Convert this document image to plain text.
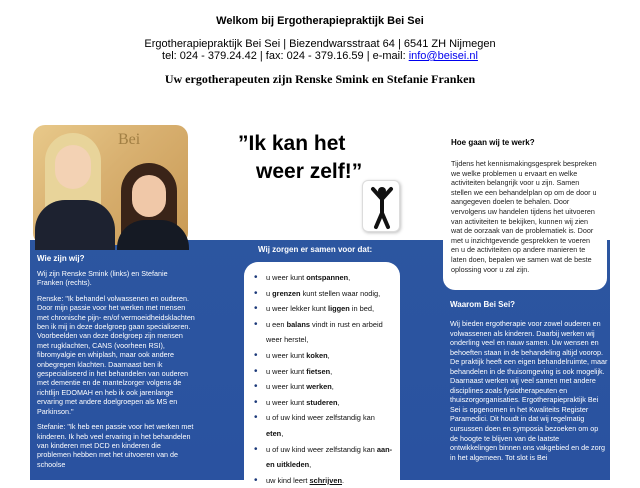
Welkom bij Ergotherapiepraktijk Bei Sei
Ergotherapiepraktijk Bei Sei | Biezendwarsstraat 64 | 6541 ZH Nijmegen
tel: 024 - 379.24.42 | fax: 024 - 379.16.59 | e-mail: info@beisei.nl
Uw ergotherapeuten zijn Renske Smink en Stefanie Franken
Bei	”Ik kan het
weer zelf!”
Wij zorgen er samen voor dat:
• u weer kunt ontspannen,
• u grenzen kunt stellen waar nodig,
• u weer lekker kunt liggen in bed,
• u een balans vindt in rust en arbeid weer herstel,
• u weer kunt koken,
• u weer kunt fietsen,
• u weer kunt werken,
• u weer kunt studeren,
• u of uw kind weer zelfstandig kan eten,
• u of uw kind weer zelfstandig kan aan- en uitkleden,
• uw kind leert schrijven.
Hoe gaan wij te werk?
Tijdens het kennismakingsgesprek bespreken we welke problemen u ervaart en welke activiteiten belangrijk voor u zijn. Samen stellen we een behandelplan op om de door u aangegeven doelen te behalen. Door vervolgens uw handelen tijdens het uitvoeren van activiteiten te bekijken, kunnen wij zien wat de oorzaak van de problematiek is. Door met u inzichtgevende gesprekken te voeren en u de activiteiten op andere manieren te laten doen, bepalen we samen wat de beste oplossing voor u zal zijn.
Waarom Bei Sei?
Wij bieden ergotherapie voor zowel ouderen en volwassenen als kinderen. Daarbij werken wij onderling veel en nauw samen. Uw wensen en behoeften staan in de behandeling altijd voorop. De praktijk heeft een eigen behandelruimte, maar behandelen in de thuisomgeving is ook mogelijk. Daarnaast werken wij veel samen met andere disciplines zoals fysiotherapeuten en thuiszorgorganisaties. Ergotherapiepraktijk Bei Sei is opgenomen in het Kwaliteits Register Paramedici. Dit houdt in dat wij regelmatig cursussen doen en symposia bezoeken om op de hoogte te blijven van de laatste ontwikkelingen binnen ons vakgebied en de zorg in het algemeen. Tot slot is Bei
Wie zijn wij?

Wij zijn Renske Smink (links) en Stefanie Franken (rechts).

Renske: "Ik behandel volwassenen en ouderen. Door mijn passie voor het werken met mensen met chronische pijn- en/of vermoeidheidsklachten ben ik mij in deze doelgroep gaan specialiseren. Voorbeelden van deze doelgroep zijn mensen met rugklachten, CANS (voorheen RSI), fibromyalgie en whiplash, maar ook andere onbegrepen klachten. Daarnaast ben ik gespecialiseerd in het behandelen van ouderen met dementie en de mantelzorger volgens de richtlijn EDOMAH en heb ik ook jarenlange ervaring met andere doelgroepen als MS en Parkinson."

Stefanie: "Ik heb een passie voor het werken met kinderen. Ik heb veel ervaring in het behandelen van kinderen met DCD en kinderen die problemen hebben met het uitvoeren van de schoolse
